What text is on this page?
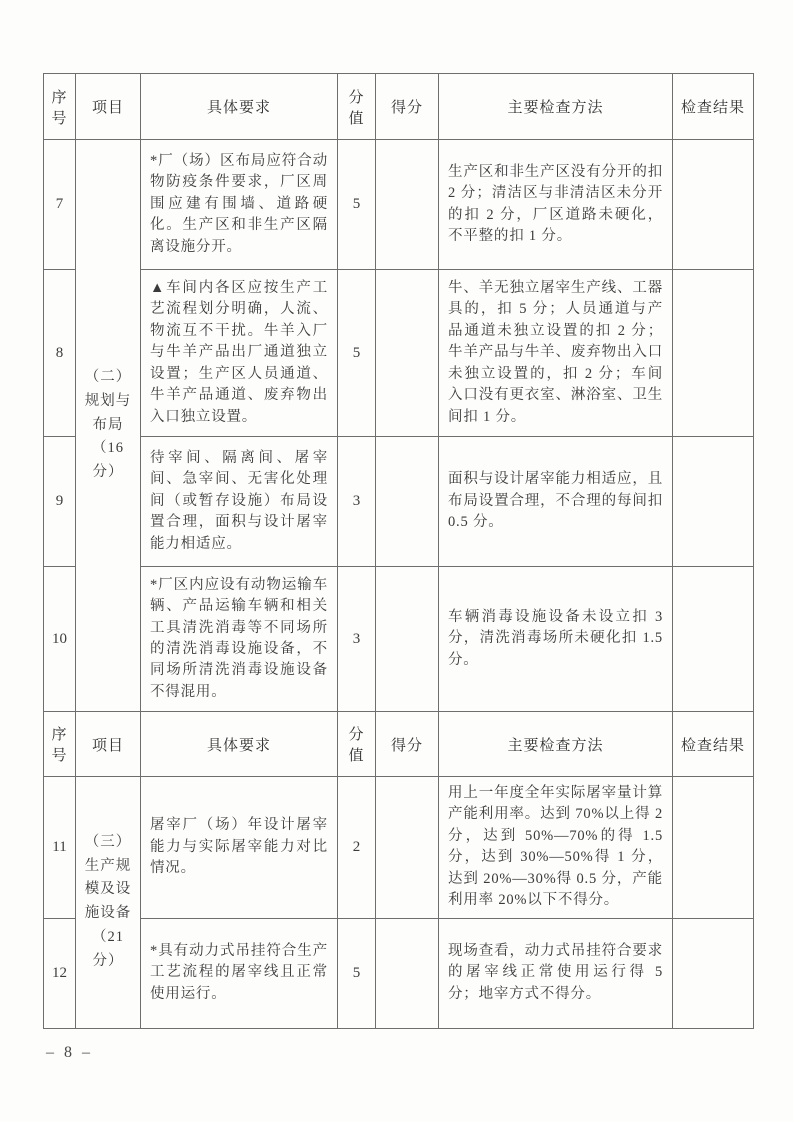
序号	项目	具体要求	分值	得分	主要检查方法	检查结果
7	（二）规划与布局（16分）	*厂（场）区布局应符合动物防疫条件要求，厂区周围应建有围墙、道路硬化。生产区和非生产区隔离设施分开。	5		生产区和非生产区没有分开的扣 2 分；清洁区与非清洁区未分开的扣 2 分，厂区道路未硬化，不平整的扣 1 分。	
8		▲车间内各区应按生产工艺流程划分明确，人流、物流互不干扰。牛羊入厂与牛羊产品出厂通道独立设置；生产区人员通道、牛羊产品通道、废弃物出入口独立设置。	5		牛、羊无独立屠宰生产线、工器具的，扣 5 分；人员通道与产品通道未独立设置的扣 2 分；牛羊产品与牛羊、废弃物出入口未独立设置的，扣 2 分；车间入口没有更衣室、淋浴室、卫生间扣 1 分。	
9		待宰间、隔离间、屠宰间、急宰间、无害化处理间（或暂存设施）布局设置合理，面积与设计屠宰能力相适应。	3		面积与设计屠宰能力相适应，且布局设置合理，不合理的每间扣 0.5 分。	
10		*厂区内应设有动物运输车辆、产品运输车辆和相关工具清洗消毒等不同场所的清洗消毒设施设备，不同场所清洗消毒设施设备不得混用。	3		车辆消毒设施设备未设立扣 3 分，清洗消毒场所未硬化扣 1.5 分。	
序号	项目	具体要求	分值	得分	主要检查方法	检查结果
11	（三）生产规模及设施设备（21分）	屠宰厂（场）年设计屠宰能力与实际屠宰能力对比情况。	2		用上一年度全年实际屠宰量计算产能利用率。达到 70%以上得 2 分，达到 50%—70%的得 1.5 分，达到 30%—50%得 1 分，达到 20%—30%得 0.5 分，产能利用率 20%以下不得分。	
12		*具有动力式吊挂符合生产工艺流程的屠宰线且正常使用运行。	5		现场查看，动力式吊挂符合要求的屠宰线正常使用运行得 5 分；地宰方式不得分。	
– 8 –
